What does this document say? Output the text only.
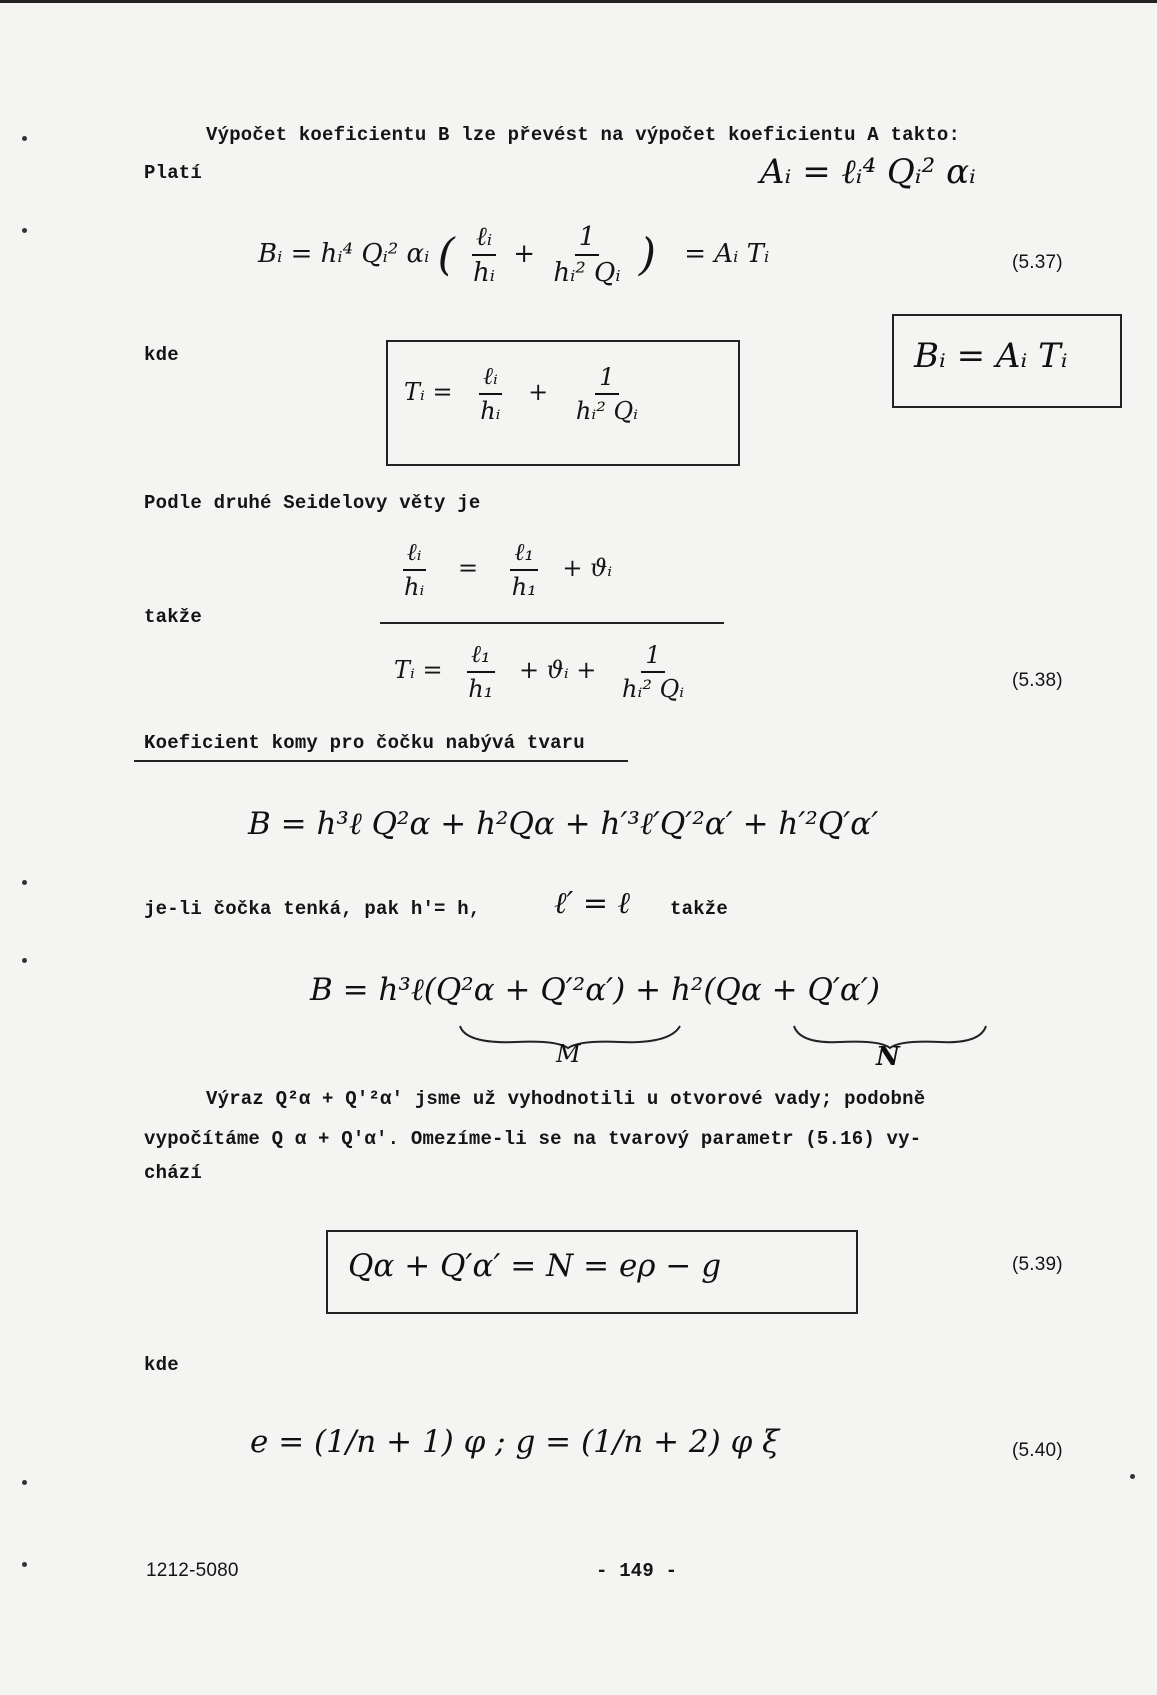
Výpočet koeficientu B lze převést na výpočet koeficientu A takto:
Platí	Aᵢ = ℓᵢ⁴ Qᵢ² αᵢ
Bᵢ = hᵢ⁴ Qᵢ² αᵢ ( $\frac{\text{ℓᵢ}}{\text{hᵢ}} + \frac{1}{\text{hᵢ² Qᵢ}}$ ) = Aᵢ Tᵢ	(5.37)
kde	Bᵢ = Aᵢ Tᵢ
Tᵢ = $\frac{\text{ℓᵢ}}{\text{hᵢ}} + \frac{1}{\text{hᵢ² Qᵢ}}$
Podle druhé Seidelovy věty je
$\frac{\text{ℓᵢ}}{\text{hᵢ}} = \frac{\text{ℓ₁}}{\text{h₁}}$ + ϑᵢ
takže
Tᵢ = $\frac{\text{ℓ₁}}{\text{h₁}}$ + ϑᵢ + $\frac{1}{\text{hᵢ² Qᵢ}}$	(5.38)
Koeficient komy pro čočku nabývá tvaru
B = h³ℓ Q²α + h²Qα + h′³ℓ′Q′²α′ + h′²Q′α′
je-li čočka tenká, pak h′= h, ℓ′ = ℓ takže
B = h³ℓ(Q²α + Q′²α′) + h²(Qα + Q′α′)
M	N
Výraz Q²α + Q′²α′ jsme už vyhodnotili u otvorové vady; podobně
vypočítáme Q α + Q′α′. Omezíme-li se na tvarový parametr (5.16) vy-
chází
Qα + Q′α′ = N = eρ − g	(5.39)
kde
e = (1/n + 1) φ ; g = (1/n + 2) φ ξ	(5.40)
1212-5080	- 149 -
